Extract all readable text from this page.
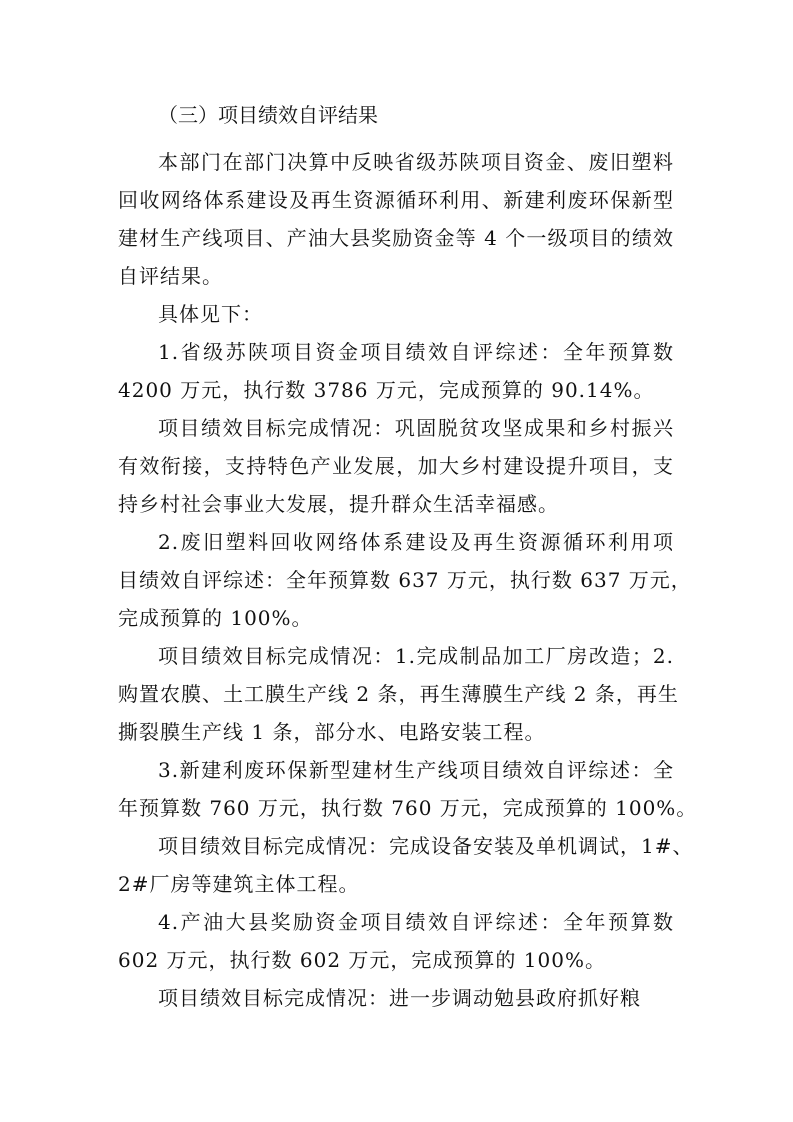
（三）项目绩效自评结果
本部门在部门决算中反映省级苏陕项目资金、废旧塑料
回收网络体系建设及再生资源循环利用、新建利废环保新型
建材生产线项目、产油大县奖励资金等 4 个一级项目的绩效
自评结果。
具体见下：
1.省级苏陕项目资金项目绩效自评综述：全年预算数
4200 万元，执行数 3786 万元，完成预算的 90.14%。
项目绩效目标完成情况：巩固脱贫攻坚成果和乡村振兴
有效衔接，支持特色产业发展，加大乡村建设提升项目，支
持乡村社会事业大发展，提升群众生活幸福感。
2.废旧塑料回收网络体系建设及再生资源循环利用项
目绩效自评综述：全年预算数 637 万元，执行数 637 万元，
完成预算的 100%。
项目绩效目标完成情况：1.完成制品加工厂房改造；2.
购置农膜、土工膜生产线 2 条，再生薄膜生产线 2 条，再生
撕裂膜生产线 1 条，部分水、电路安装工程。
3.新建利废环保新型建材生产线项目绩效自评综述：全
年预算数 760 万元，执行数 760 万元，完成预算的 100%。
项目绩效目标完成情况：完成设备安装及单机调试，1#、
2#厂房等建筑主体工程。
4.产油大县奖励资金项目绩效自评综述：全年预算数
602 万元，执行数 602 万元，完成预算的 100%。
项目绩效目标完成情况：进一步调动勉县政府抓好粮
